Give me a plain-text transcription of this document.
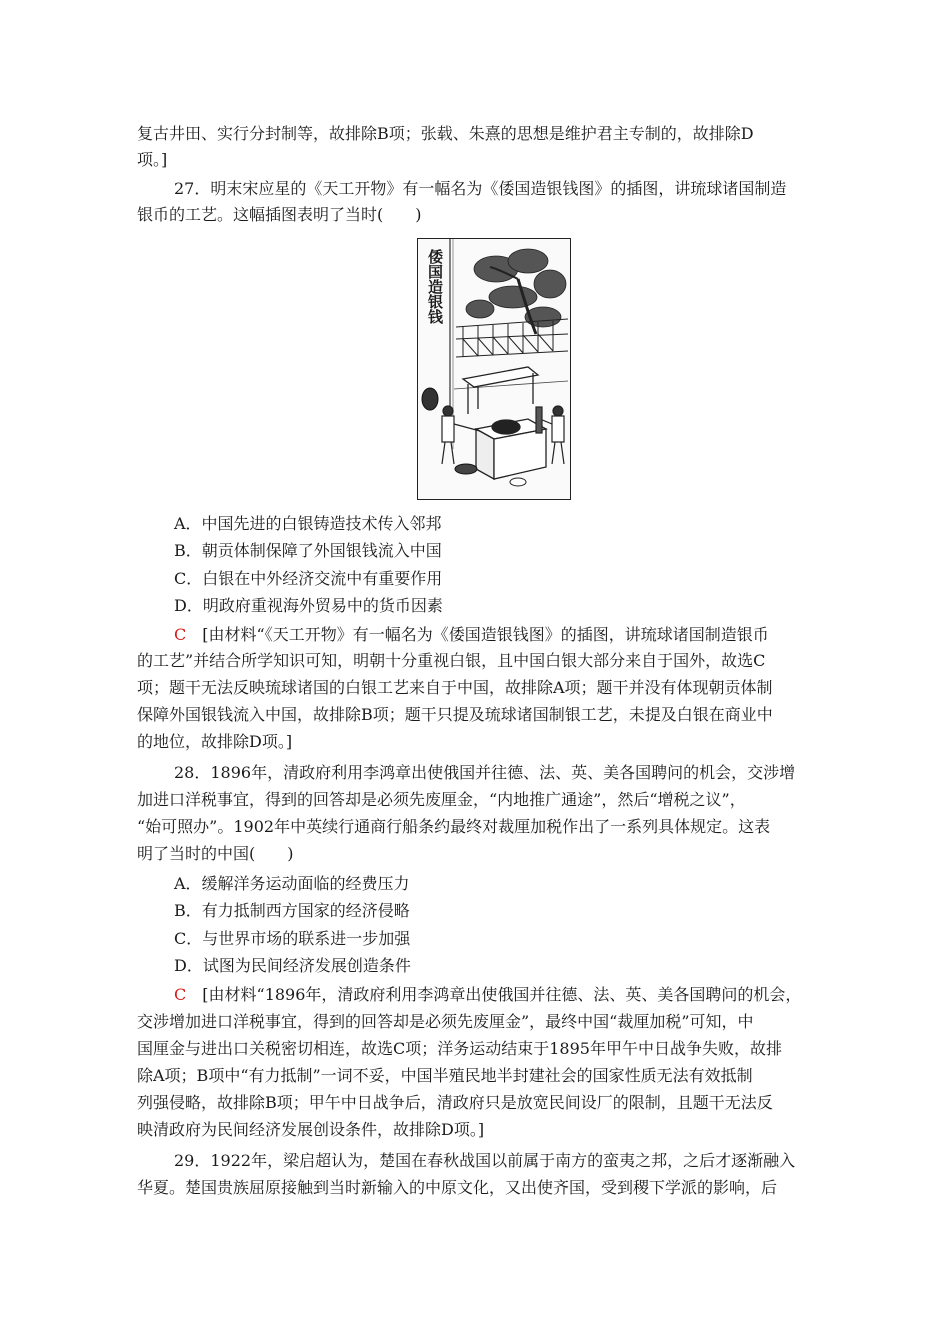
复古井田、实行分封制等，故排除B项；张载、朱熹的思想是维护君主专制的，故排除D
项。]
27．明末宋应星的《天工开物》有一幅名为《倭国造银钱图》的插图，讲琉球诸国制造
银币的工艺。这幅插图表明了当时(　　)
倭国造银钱
A．中国先进的白银铸造技术传入邻邦
B．朝贡体制保障了外国银钱流入中国
C．白银在中外经济交流中有重要作用
D．明政府重视海外贸易中的货币因素
C　 [由材料“《天工开物》有一幅名为《倭国造银钱图》的插图，讲琉球诸国制造银币
的工艺”并结合所学知识可知，明朝十分重视白银，且中国白银大部分来自于国外，故选C
项；题干无法反映琉球诸国的白银工艺来自于中国，故排除A项；题干并没有体现朝贡体制
保障外国银钱流入中国，故排除B项；题干只提及琉球诸国制银工艺，未提及白银在商业中
的地位，故排除D项。]
28．1896年，清政府利用李鸿章出使俄国并往德、法、英、美各国聘问的机会，交涉增
加进口洋税事宜，得到的回答却是必须先废厘金，“内地推广通途”，然后“增税之议”，
“始可照办”。1902年中英续行通商行船条约最终对裁厘加税作出了一系列具体规定。这表
明了当时的中国(　　)
A．缓解洋务运动面临的经费压力
B．有力抵制西方国家的经济侵略
C．与世界市场的联系进一步加强
D．试图为民间经济发展创造条件
C　 [由材料“1896年，清政府利用李鸿章出使俄国并往德、法、英、美各国聘问的机会，
交涉增加进口洋税事宜，得到的回答却是必须先废厘金”，最终中国“裁厘加税”可知，中
国厘金与进出口关税密切相连，故选C项；洋务运动结束于1895年甲午中日战争失败，故排
除A项；B项中“有力抵制”一词不妥，中国半殖民地半封建社会的国家性质无法有效抵制
列强侵略，故排除B项；甲午中日战争后，清政府只是放宽民间设厂的限制，且题干无法反
映清政府为民间经济发展创设条件，故排除D项。]
29．1922年，梁启超认为，楚国在春秋战国以前属于南方的蛮夷之邦，之后才逐渐融入
华夏。楚国贵族屈原接触到当时新输入的中原文化，又出使齐国，受到稷下学派的影响，后
